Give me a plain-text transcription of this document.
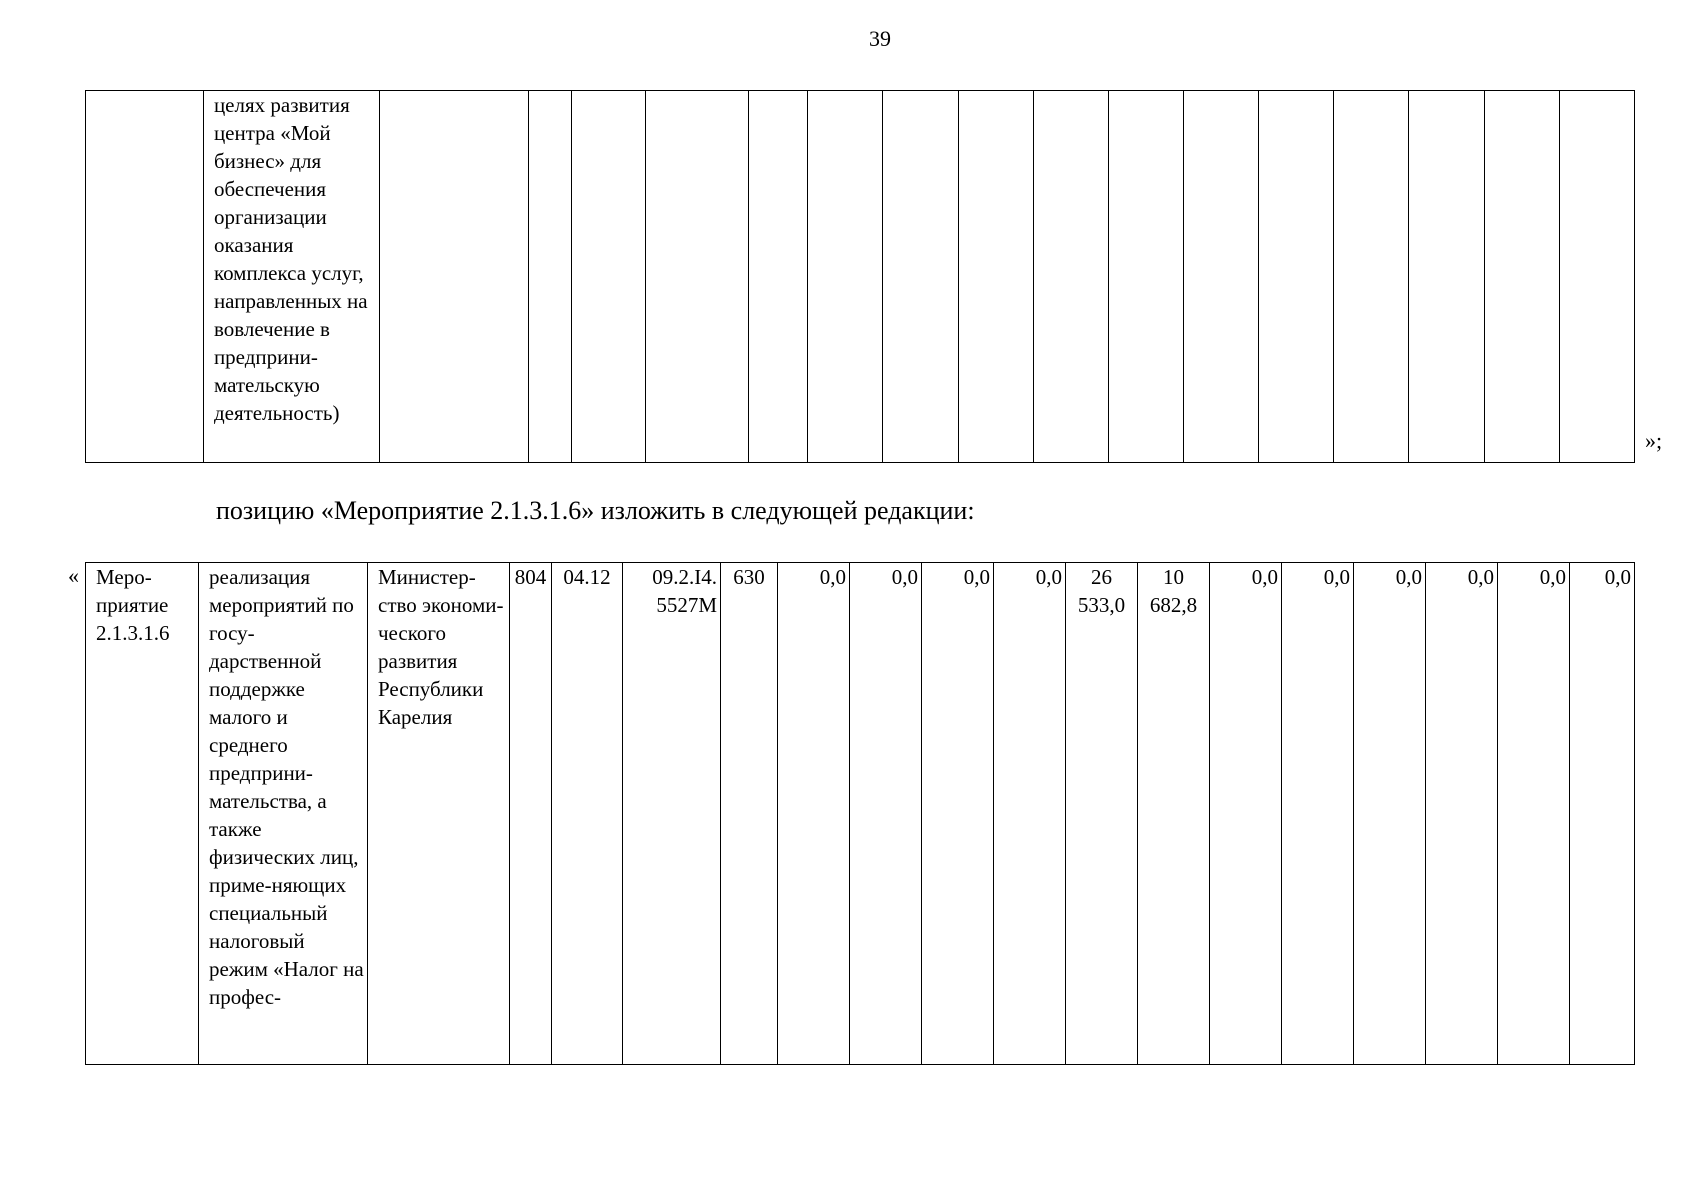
39
	целях развития центра «Мой бизнес» для обеспечения организации оказания комплекса услуг, направленных на вовлечение в предприни-мательскую деятельность)																
»;
позицию «Мероприятие 2.1.3.1.6» изложить в следующей редакции:
« Меро-приятие 2.1.3.1.6	реализация мероприятий по госу-дарственной поддержке малого и среднего предприни-мательства, а также физических лиц, приме-няющих специальный налоговый режим «Налог на профес-	Министер-ство экономи-ческого развития Республики Карелия	804	04.12	09.2.I4. 5527M	630	0,0	0,0	0,0	0,0	26 533,0	10 682,8	0,0	0,0	0,0	0,0	0,0	0,0
